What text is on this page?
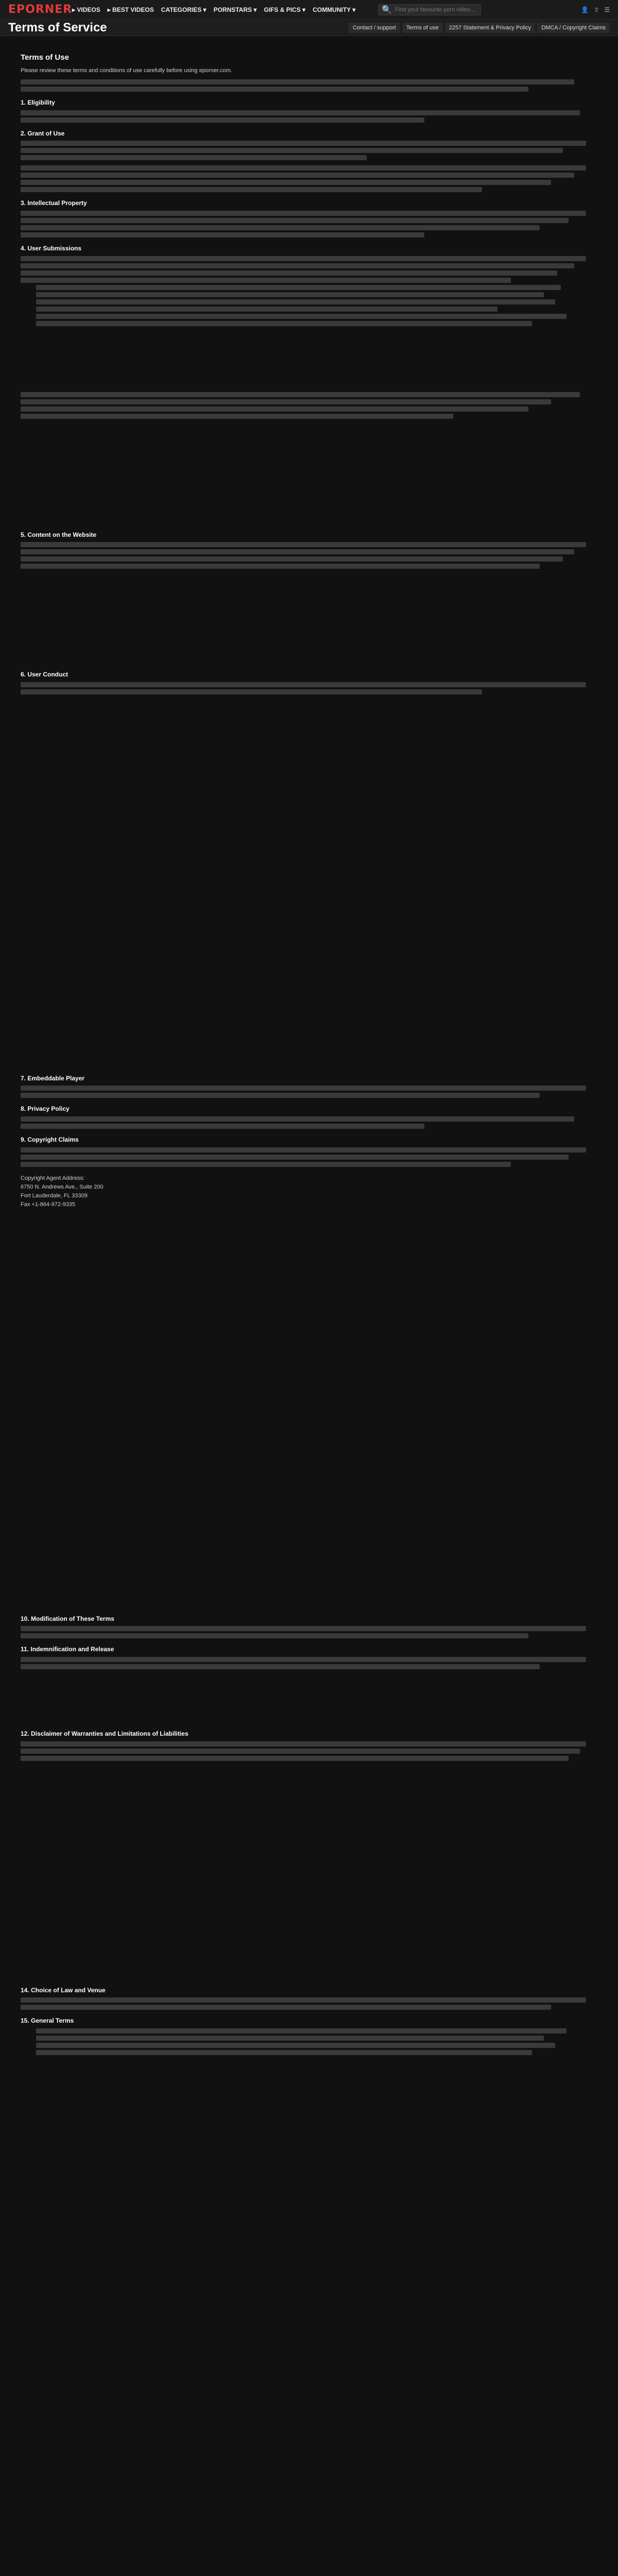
EPORNER ▸ VIDEOS ▸ BEST VIDEOS CATEGORIES ▾ PORNSTARS ▾ GIFS & PICS ▾ COMMUNITY ▾	🔍
Find your favourite porn video...	👤 ⇧ ☰
Terms of Service	Contact / support	Terms of use	2257 Statement & Privacy Policy	DMCA / Copyright Claims
Terms of Use

Please review these terms and conditions of use carefully before using eporner.com.

1. Eligibility
2. Grant of Use
3. Intellectual Property
4. User Submissions
5. Content on the Website
6. User Conduct
7. Embeddable Player
8. Privacy Policy
9. Copyright Claims

Copyright Agent Address:

6750 N. Andrews Ave., Suite 200

Fort Lauderdale, FL 33309

Fax +1-864-972-9335

10. Modification of These Terms
11. Indemnification and Release
12. Disclaimer of Warranties and Limitations of Liabilities
14. Choice of Law and Venue
15. General Terms
